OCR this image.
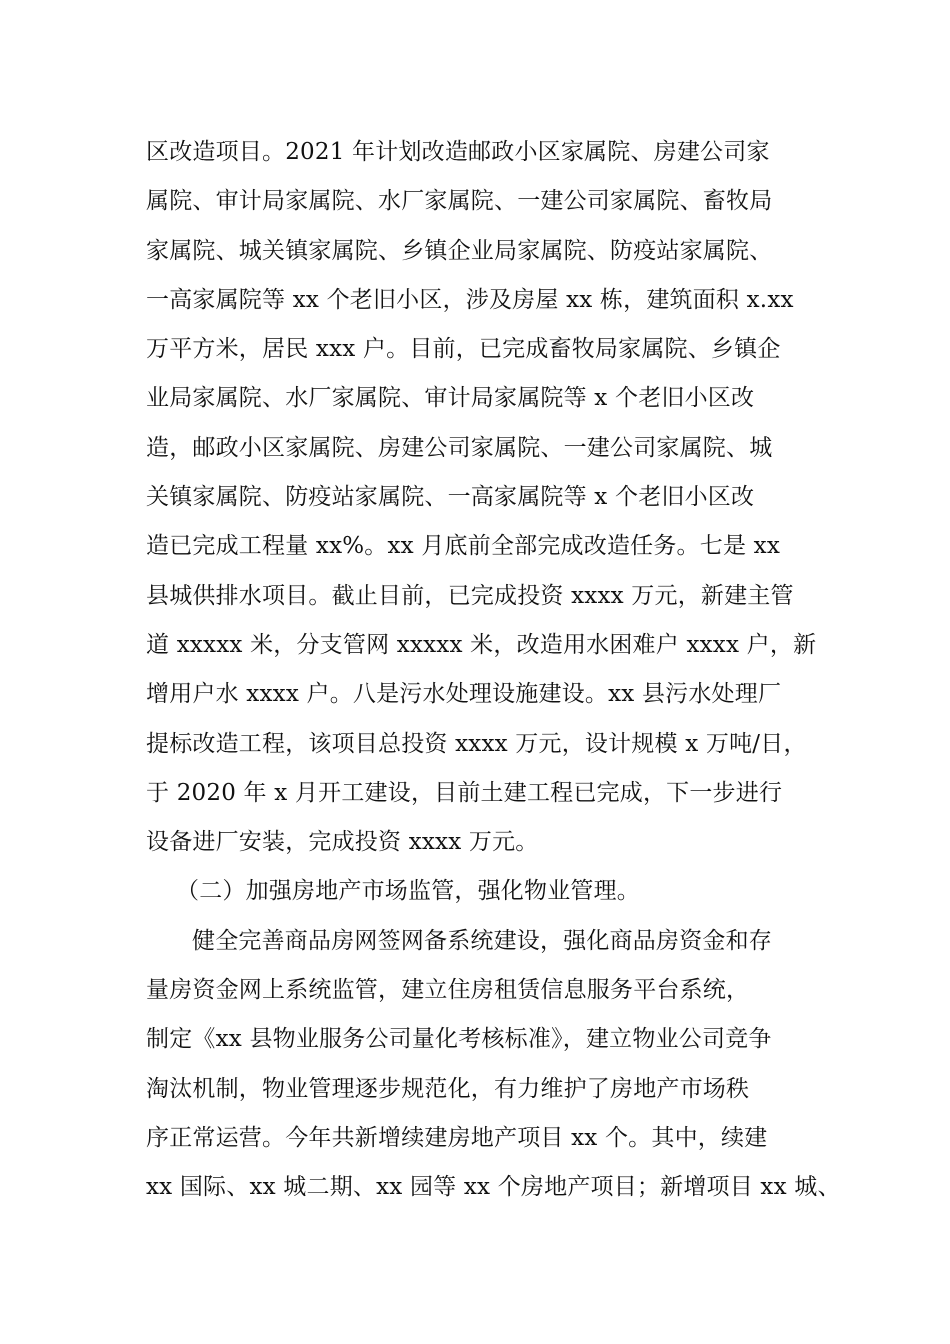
区改造项目。2021 年计划改造邮政小区家属院、房建公司家
属院、审计局家属院、水厂家属院、一建公司家属院、畜牧局
家属院、城关镇家属院、乡镇企业局家属院、防疫站家属院、
一高家属院等 xx 个老旧小区，涉及房屋 xx 栋，建筑面积 x.xx
万平方米，居民 xxx 户。目前，已完成畜牧局家属院、乡镇企
业局家属院、水厂家属院、审计局家属院等 x 个老旧小区改
造，邮政小区家属院、房建公司家属院、一建公司家属院、城
关镇家属院、防疫站家属院、一高家属院等 x 个老旧小区改
造已完成工程量 xx%。xx 月底前全部完成改造任务。七是 xx
县城供排水项目。截止目前，已完成投资 xxxx 万元，新建主管
道 xxxxx 米，分支管网 xxxxx 米，改造用水困难户 xxxx 户，新
增用户水 xxxx 户。八是污水处理设施建设。xx 县污水处理厂
提标改造工程，该项目总投资 xxxx 万元，设计规模 x 万吨/日，
于 2020 年 x 月开工建设，目前土建工程已完成，下一步进行
设备进厂安装，完成投资 xxxx 万元。
（二）加强房地产市场监管，强化物业管理。
健全完善商品房网签网备系统建设，强化商品房资金和存
量房资金网上系统监管，建立住房租赁信息服务平台系统，
制定《xx 县物业服务公司量化考核标准》，建立物业公司竞争
淘汰机制，物业管理逐步规范化，有力维护了房地产市场秩
序正常运营。今年共新增续建房地产项目 xx 个。其中，续建
xx 国际、xx 城二期、xx 园等 xx 个房地产项目；新增项目 xx 城、
